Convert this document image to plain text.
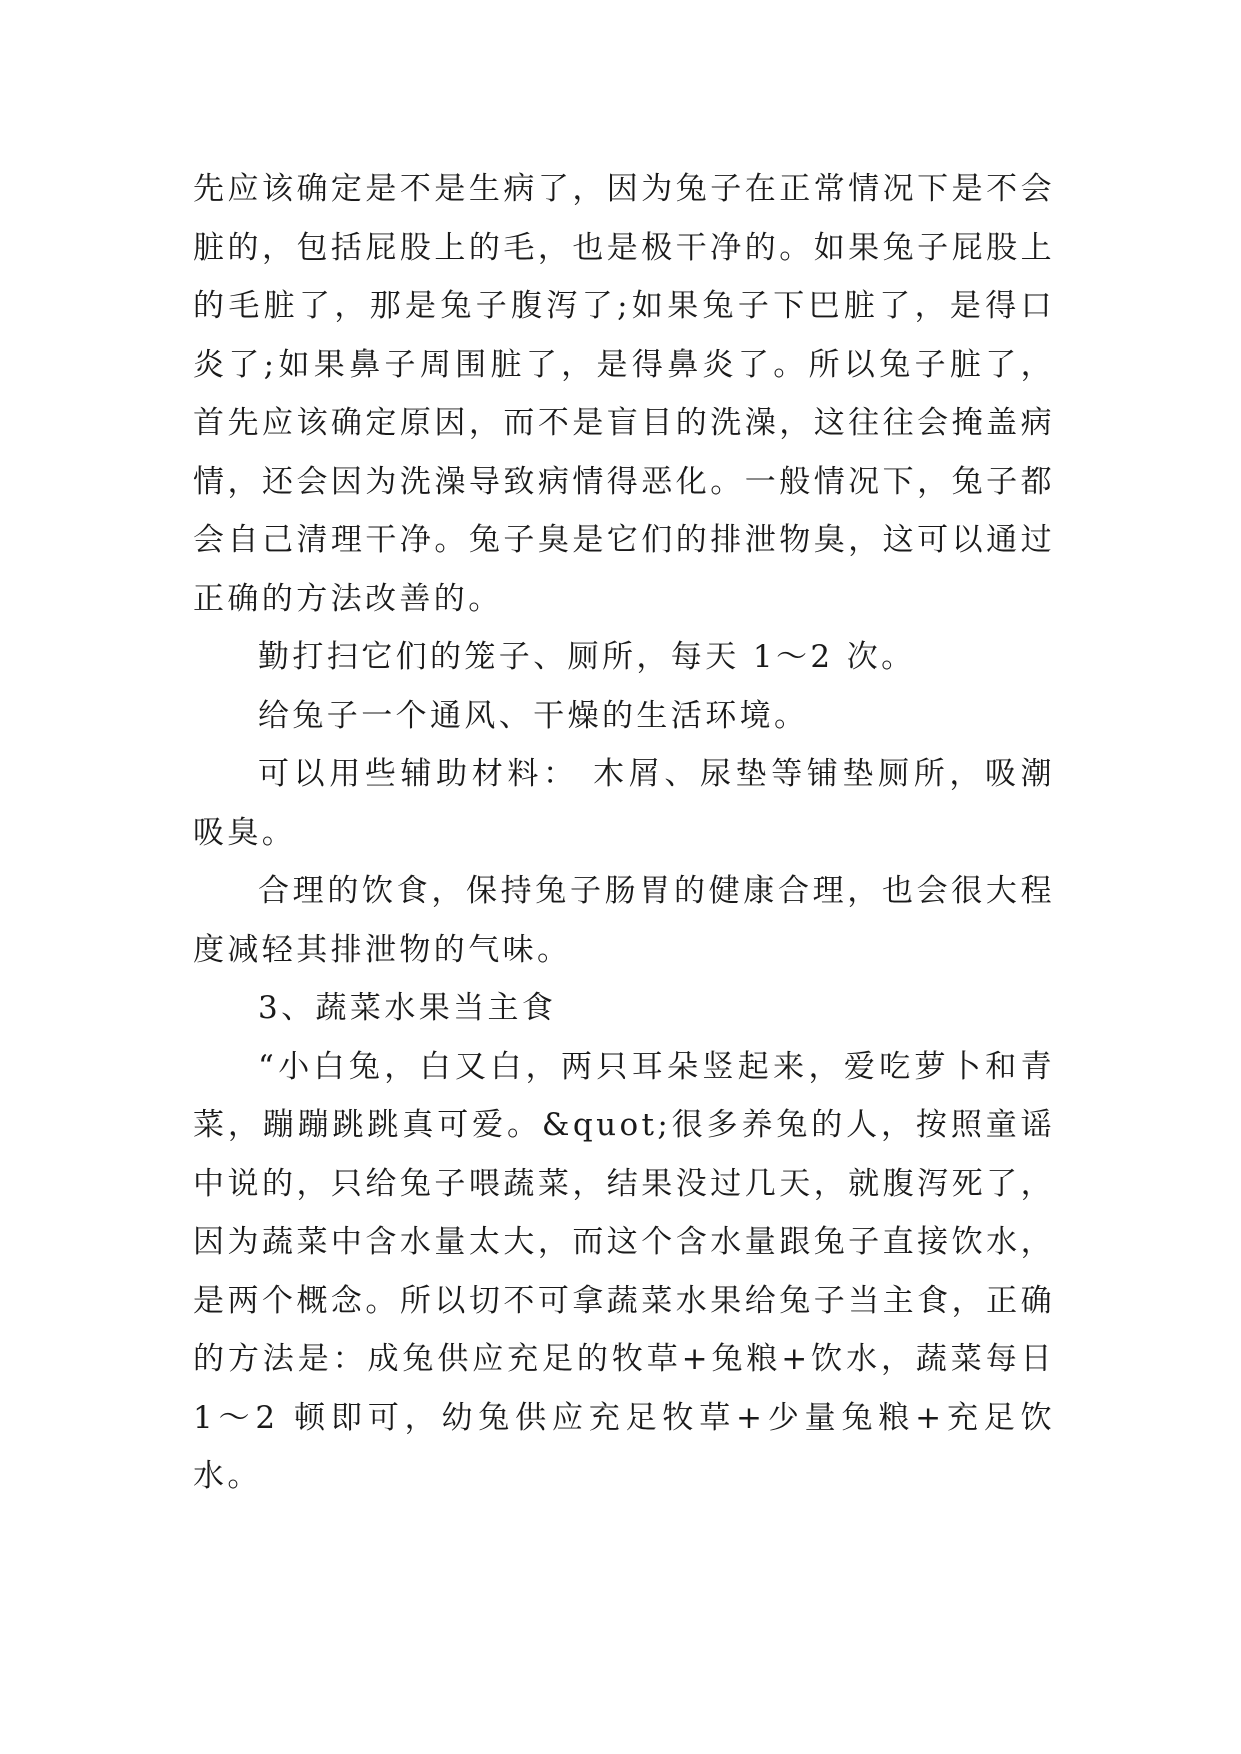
先应该确定是不是生病了，因为兔子在正常情况下是不会脏的，包括屁股上的毛，也是极干净的。如果兔子屁股上的毛脏了，那是兔子腹泻了;如果兔子下巴脏了，是得口炎了;如果鼻子周围脏了，是得鼻炎了。所以兔子脏了，首先应该确定原因，而不是盲目的洗澡，这往往会掩盖病情，还会因为洗澡导致病情得恶化。一般情况下，兔子都会自己清理干净。兔子臭是它们的排泄物臭，这可以通过正确的方法改善的。

勤打扫它们的笼子、厕所，每天 1～2 次。

给兔子一个通风、干燥的生活环境。

可以用些辅助材料： 木屑、尿垫等铺垫厕所，吸潮吸臭。

合理的饮食，保持兔子肠胃的健康合理，也会很大程度减轻其排泄物的气味。

3、蔬菜水果当主食

“小白兔，白又白，两只耳朵竖起来，爱吃萝卜和青菜，蹦蹦跳跳真可爱。&quot;很多养兔的人，按照童谣中说的，只给兔子喂蔬菜，结果没过几天，就腹泻死了，因为蔬菜中含水量太大，而这个含水量跟兔子直接饮水，是两个概念。所以切不可拿蔬菜水果给兔子当主食，正确的方法是：成兔供应充足的牧草+兔粮+饮水，蔬菜每日 1～2 顿即可，幼兔供应充足牧草+少量兔粮+充足饮水。
